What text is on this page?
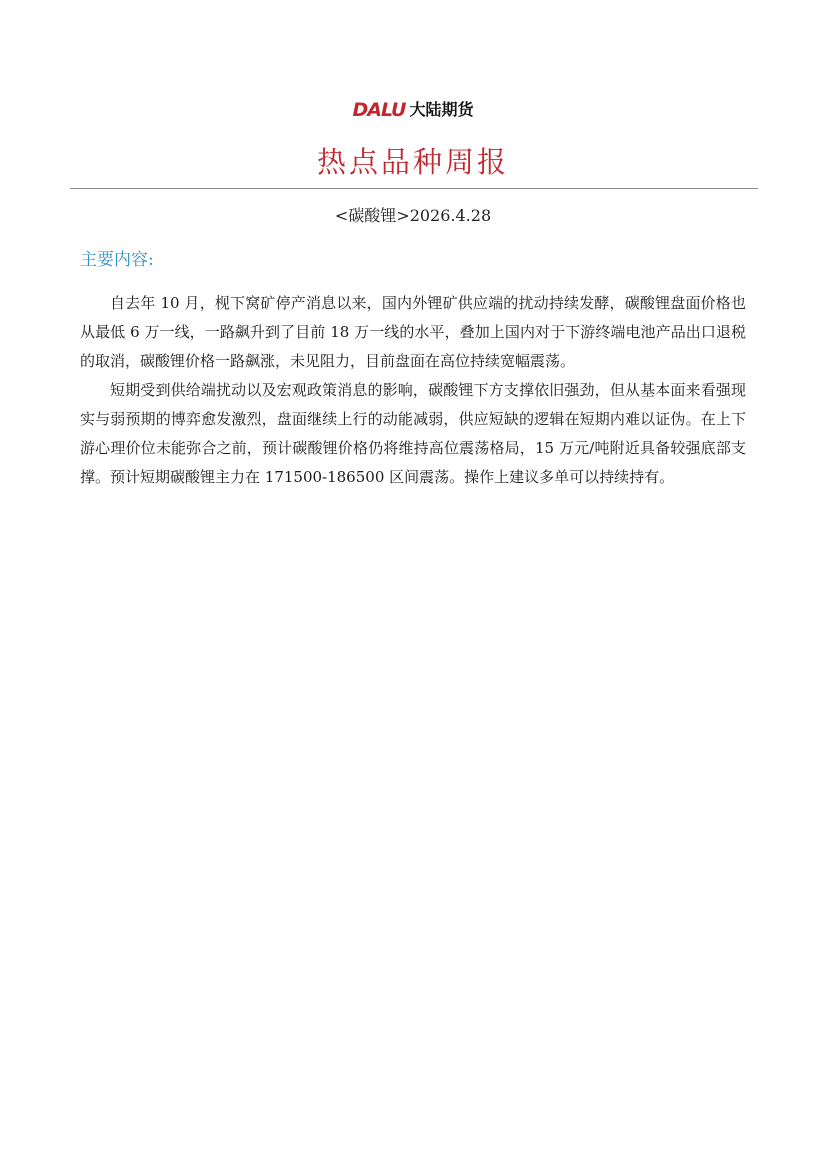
DALU 大陆期货
热点品种周报
<碳酸锂>2026.4.28
主要内容:

自去年 10 月，枧下窝矿停产消息以来，国内外锂矿供应端的扰动持续发酵，碳酸锂盘面价格也从最低 6 万一线，一路飙升到了目前 18 万一线的水平，叠加上国内对于下游终端电池产品出口退税的取消，碳酸锂价格一路飙涨，未见阻力，目前盘面在高位持续宽幅震荡。

短期受到供给端扰动以及宏观政策消息的影响，碳酸锂下方支撑依旧强劲，但从基本面来看强现实与弱预期的博弈愈发激烈，盘面继续上行的动能减弱，供应短缺的逻辑在短期内难以证伪。在上下游心理价位未能弥合之前，预计碳酸锂价格仍将维持高位震荡格局，15 万元/吨附近具备较强底部支撑。预计短期碳酸锂主力在 171500-186500 区间震荡。操作上建议多单可以持续持有。
